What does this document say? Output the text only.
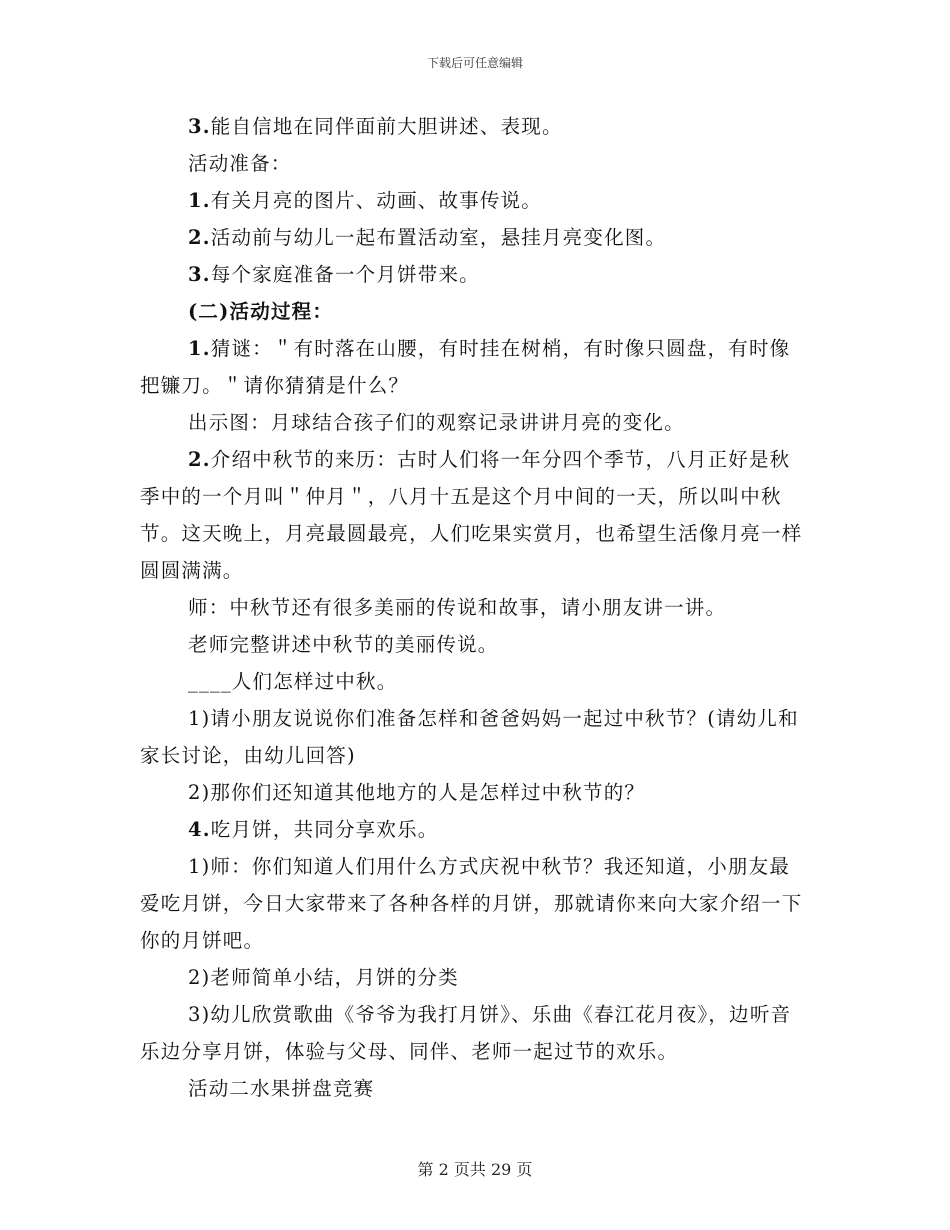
下载后可任意编辑

3.能自信地在同伴面前大胆讲述、表现。

活动准备：

1.有关月亮的图片、动画、故事传说。

2.活动前与幼儿一起布置活动室，悬挂月亮变化图。

3.每个家庭准备一个月饼带来。

(二)活动过程：

1.猜谜：＂有时落在山腰，有时挂在树梢，有时像只圆盘，有时像把镰刀。＂请你猜猜是什么？

出示图：月球结合孩子们的观察记录讲讲月亮的变化。

2.介绍中秋节的来历：古时人们将一年分四个季节，八月正好是秋季中的一个月叫＂仲月＂，八月十五是这个月中间的一天，所以叫中秋节。这天晚上，月亮最圆最亮，人们吃果实赏月，也希望生活像月亮一样圆圆满满。

师：中秋节还有很多美丽的传说和故事，请小朋友讲一讲。

老师完整讲述中秋节的美丽传说。

____人们怎样过中秋。

1)请小朋友说说你们准备怎样和爸爸妈妈一起过中秋节？(请幼儿和家长讨论，由幼儿回答)

2)那你们还知道其他地方的人是怎样过中秋节的？

4.吃月饼，共同分享欢乐。

1)师：你们知道人们用什么方式庆祝中秋节？我还知道，小朋友最爱吃月饼，今日大家带来了各种各样的月饼，那就请你来向大家介绍一下你的月饼吧。

2)老师简单小结，月饼的分类

3)幼儿欣赏歌曲《爷爷为我打月饼》、乐曲《春江花月夜》，边听音乐边分享月饼，体验与父母、同伴、老师一起过节的欢乐。

活动二水果拼盘竞赛

第 2 页共 29 页
